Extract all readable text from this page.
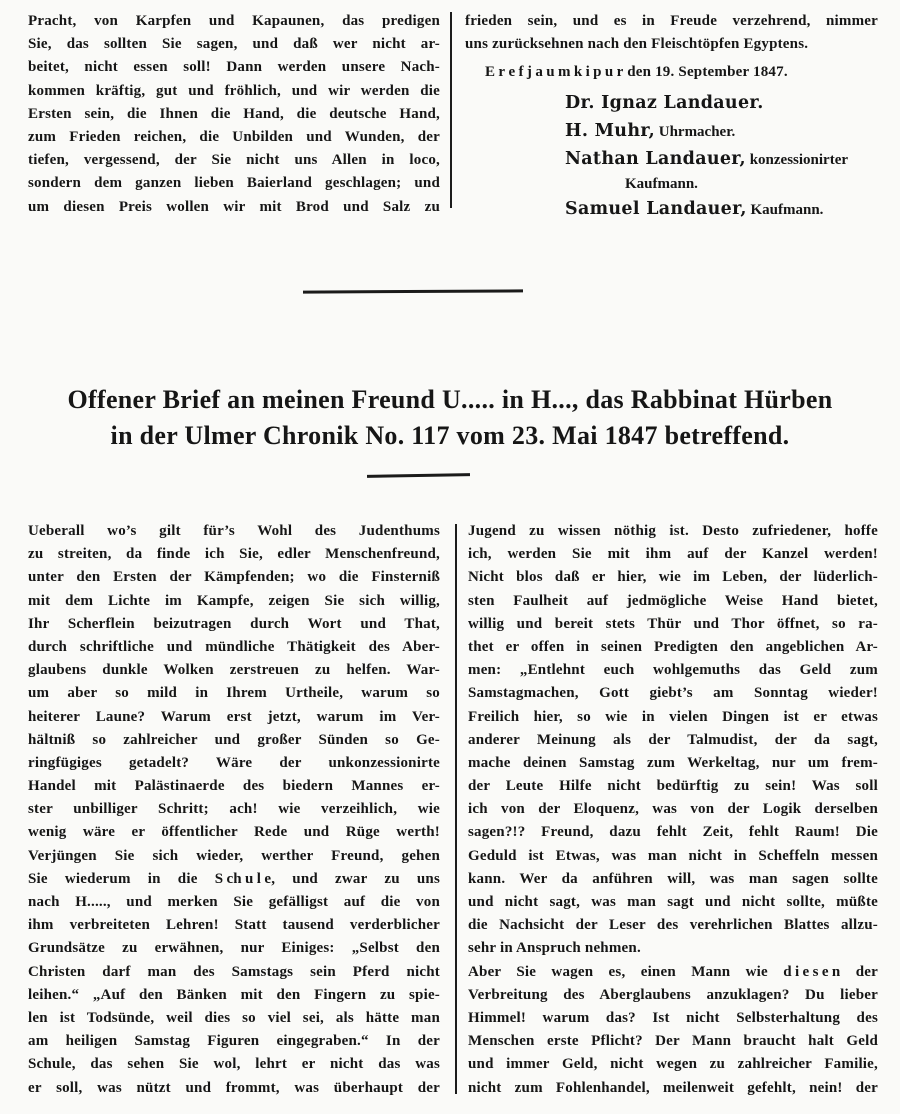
Pracht, von Karpfen und Kapaunen, das predigen
Sie, das sollten Sie sagen, und daß wer nicht ar-
beitet, nicht essen soll! Dann werden unsere Nach-
kommen kräftig, gut und fröhlich, und wir werden die
Ersten sein, die Ihnen die Hand, die deutsche Hand,
zum Frieden reichen, die Unbilden und Wunden, der
tiefen, vergessend, der Sie nicht uns Allen in loco,
sondern dem ganzen lieben Baierland geschlagen; und
um diesen Preis wollen wir mit Brod und Salz zu
frieden sein, und es in Freude verzehrend, nimmer
uns zurücksehnen nach den Fleischtöpfen Egyptens.
E r e f j a u m k i p u r den 19. September 1847.
Dr. Ignaz Landauer.
H. Muhr, Uhrmacher.
Nathan Landauer, konzessionirter
Kaufmann.
Samuel Landauer, Kaufmann.
Offener Brief an meinen Freund U..... in H..., das Rabbinat Hürben
in der Ulmer Chronik No. 117 vom 23. Mai 1847 betreffend.
Ueberall wo’s gilt für’s Wohl des Judenthums
zu streiten, da finde ich Sie, edler Menschenfreund,
unter den Ersten der Kämpfenden; wo die Finsterniß
mit dem Lichte im Kampfe, zeigen Sie sich willig,
Ihr Scherflein beizutragen durch Wort und That,
durch schriftliche und mündliche Thätigkeit des Aber-
glaubens dunkle Wolken zerstreuen zu helfen. War-
um aber so mild in Ihrem Urtheile, warum so
heiterer Laune? Warum erst jetzt, warum im Ver-
hältniß so zahlreicher und großer Sünden so Ge-
ringfügiges getadelt? Wäre der unkonzessionirte
Handel mit Palästinaerde des biedern Mannes er-
ster unbilliger Schritt; ach! wie verzeihlich, wie
wenig wäre er öffentlicher Rede und Rüge werth!
Verjüngen Sie sich wieder, werther Freund, gehen
Sie wiederum in die S ch u l e, und zwar zu uns
nach H....., und merken Sie gefälligst auf die von
ihm verbreiteten Lehren! Statt tausend verderblicher
Grundsätze zu erwähnen, nur Einiges: „Selbst den
Christen darf man des Samstags sein Pferd nicht
leihen.“ „Auf den Bänken mit den Fingern zu spie-
len ist Todsünde, weil dies so viel sei, als hätte man
am heiligen Samstag Figuren eingegraben.“ In der
Schule, das sehen Sie wol, lehrt er nicht das was
er soll, was nützt und frommt, was überhaupt der
Jugend zu wissen nöthig ist. Desto zufriedener, hoffe
ich, werden Sie mit ihm auf der Kanzel werden!
Nicht blos daß er hier, wie im Leben, der lüderlich-
sten Faulheit auf jedmögliche Weise Hand bietet,
willig und bereit stets Thür und Thor öffnet, so ra-
thet er offen in seinen Predigten den angeblichen Ar-
men: „Entlehnt euch wohlgemuths das Geld zum
Samstagmachen, Gott giebt’s am Sonntag wieder!
Freilich hier, so wie in vielen Dingen ist er etwas
anderer Meinung als der Talmudist, der da sagt,
mache deinen Samstag zum Werkeltag, nur um frem-
der Leute Hilfe nicht bedürftig zu sein! Was soll
ich von der Eloquenz, was von der Logik derselben
sagen?!? Freund, dazu fehlt Zeit, fehlt Raum! Die
Geduld ist Etwas, was man nicht in Scheffeln messen
kann. Wer da anführen will, was man sagen sollte
und nicht sagt, was man sagt und nicht sollte, müßte
die Nachsicht der Leser des verehrlichen Blattes allzu-
sehr in Anspruch nehmen.
Aber Sie wagen es, einen Mann wie d i e s e n der
Verbreitung des Aberglaubens anzuklagen? Du lieber
Himmel! warum das? Ist nicht Selbsterhaltung des
Menschen erste Pflicht? Der Mann braucht halt Geld
und immer Geld, nicht wegen zu zahlreicher Familie,
nicht zum Fohlenhandel, meilenweit gefehlt, nein! der
